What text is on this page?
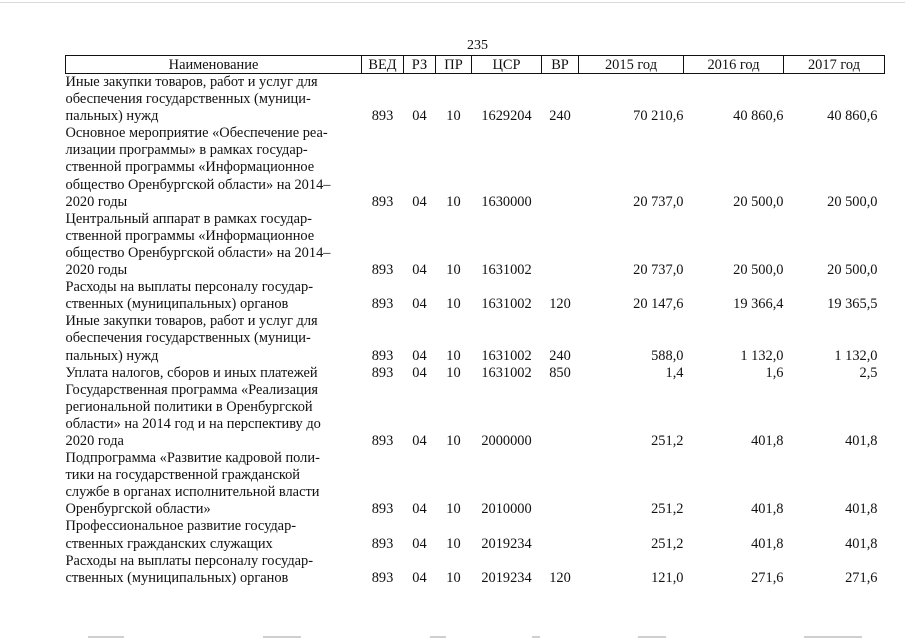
235
Наименование	ВЕД	РЗ	ПР	ЦСР	ВР	2015 год	2016 год	2017 год

Иные закупки товаров, работ и услуг для
обеспечения государственных (муници-
пальных) нужд	893	04	10	1629204	240	70 210,6	40 860,6	40 860,6

Основное мероприятие «Обеспечение реа-
лизации программы» в рамках государ-
ственной программы «Информационное
общество Оренбургской области» на 2014–
2020 годы	893	04	10	1630000		20 737,0	20 500,0	20 500,0

Центральный аппарат в рамках государ-
ственной программы «Информационное
общество Оренбургской области» на 2014–
2020 годы	893	04	10	1631002		20 737,0	20 500,0	20 500,0

Расходы на выплаты персоналу государ-
ственных (муниципальных) органов	893	04	10	1631002	120	20 147,6	19 366,4	19 365,5

Иные закупки товаров, работ и услуг для
обеспечения государственных (муници-
пальных) нужд	893	04	10	1631002	240	588,0	1 132,0	1 132,0

Уплата налогов, сборов и иных платежей	893	04	10	1631002	850	1,4	1,6	2,5

Государственная программа «Реализация
региональной политики в Оренбургской
области» на 2014 год и на перспективу до
2020 года	893	04	10	2000000		251,2	401,8	401,8

Подпрограмма «Развитие кадровой поли-
тики на государственной гражданской
службе в органах исполнительной власти
Оренбургской области»	893	04	10	2010000		251,2	401,8	401,8

Профессиональное развитие государ-
ственных гражданских служащих	893	04	10	2019234		251,2	401,8	401,8

Расходы на выплаты персоналу государ-
ственных (муниципальных) органов	893	04	10	2019234	120	121,0	271,6	271,6
